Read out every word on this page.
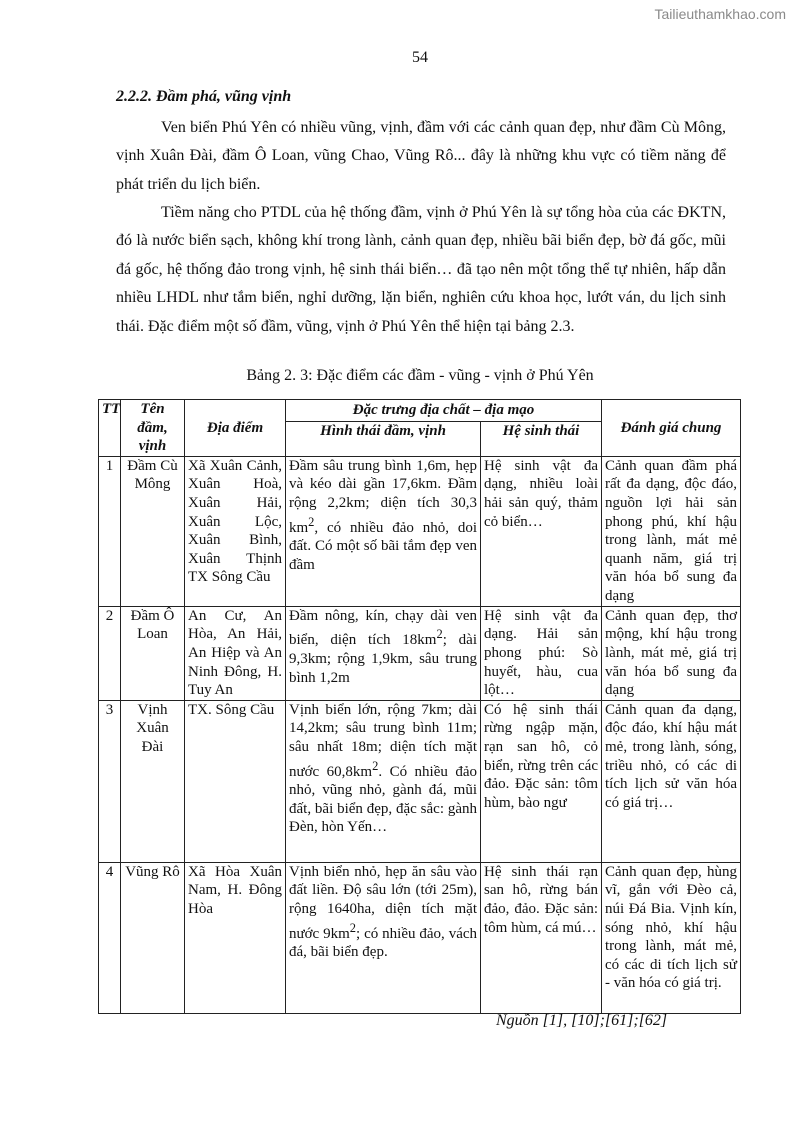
Tailieuthamkhao.com
54
2.2.2. Đầm phá, vũng vịnh

Ven biển Phú Yên có nhiều vũng, vịnh, đầm với các cảnh quan đẹp, như đầm Cù Mông, vịnh Xuân Đài, đầm Ô Loan, vũng Chao, Vũng Rô... đây là những khu vực có tiềm năng để phát triển du lịch biển.

Tiềm năng cho PTDL của hệ thống đầm, vịnh ở Phú Yên là sự tổng hòa của các ĐKTN, đó là nước biển sạch, không khí trong lành, cảnh quan đẹp, nhiều bãi biển đẹp, bờ đá gốc, mũi đá gốc, hệ thống đảo trong vịnh, hệ sinh thái biển… đã tạo nên một tổng thể tự nhiên, hấp dẫn nhiều LHDL như tắm biển, nghỉ dưỡng, lặn biển, nghiên cứu khoa học, lướt ván, du lịch sinh thái. Đặc điểm một số đầm, vũng, vịnh ở Phú Yên thể hiện tại bảng 2.3.

Bảng 2. 3: Đặc điểm các đầm - vũng - vịnh ở Phú Yên
TT	Tên đầm, vịnh	Địa điểm	Đặc trưng địa chất – địa mạo		Đánh giá chung
			Hình thái đầm, vịnh	Hệ sinh thái	
1	Đầm Cù Mông	Xã Xuân Cảnh, Xuân Hoà, Xuân Hải, Xuân Lộc, Xuân Bình, Xuân Thịnh TX Sông Cầu	Đầm sâu trung bình 1,6m, hẹp và kéo dài gần 17,6km. Đầm rộng 2,2km; diện tích 30,3 $km^2$, có nhiều đảo nhỏ, doi đất. Có một số bãi tắm đẹp ven đầm	Hệ sinh vật đa dạng, nhiều loài hải sản quý, thảm cỏ biển…	Cảnh quan đầm phá rất đa dạng, độc đáo, nguồn lợi hải sản phong phú, khí hậu trong lành, mát mẻ quanh năm, giá trị văn hóa bổ sung đa dạng
2	Đầm Ô Loan	An Cư, An Hòa, An Hải, An Hiệp và An Ninh Đông, H. Tuy An	Đầm nông, kín, chạy dài ven biển, diện tích $18km^2$; dài 9,3km; rộng 1,9km, sâu trung bình 1,2m	Hệ sinh vật đa dạng. Hải sản phong phú: Sò huyết, hàu, cua lột…	Cảnh quan đẹp, thơ mộng, khí hậu trong lành, mát mẻ, giá trị văn hóa bổ sung đa dạng
3	Vịnh Xuân Đài	TX. Sông Cầu	Vịnh biển lớn, rộng 7km; dài 14,2km; sâu trung bình 11m; sâu nhất 18m; diện tích mặt nước $60,8km^2$. Có nhiều đảo nhỏ, vũng nhỏ, gành đá, mũi đất, bãi biển đẹp, đặc sắc: gành Đèn, hòn Yến…	Có hệ sinh thái rừng ngập mặn, rạn san hô, cỏ biển, rừng trên các đảo. Đặc sản: tôm hùm, bào ngư	Cảnh quan đa dạng, độc đáo, khí hậu mát mẻ, trong lành, sóng, triều nhỏ, có các di tích lịch sử văn hóa có giá trị…
4	Vũng Rô	Xã Hòa Xuân Nam, H. Đông Hòa	Vịnh biển nhỏ, hẹp ăn sâu vào đất liền. Độ sâu lớn (tới 25m), rộng 1640ha, diện tích mặt nước $9km^2$; có nhiều đảo, vách đá, bãi biển đẹp.	Hệ sinh thái rạn san hô, rừng bán đảo, đảo. Đặc sản: tôm hùm, cá mú…	Cảnh quan đẹp, hùng vĩ, gắn với Đèo cả, núi Đá Bia. Vịnh kín, sóng nhỏ, khí hậu trong lành, mát mẻ, có các di tích lịch sử - văn hóa có giá trị.
Nguồn [1], [10];[61];[62]
